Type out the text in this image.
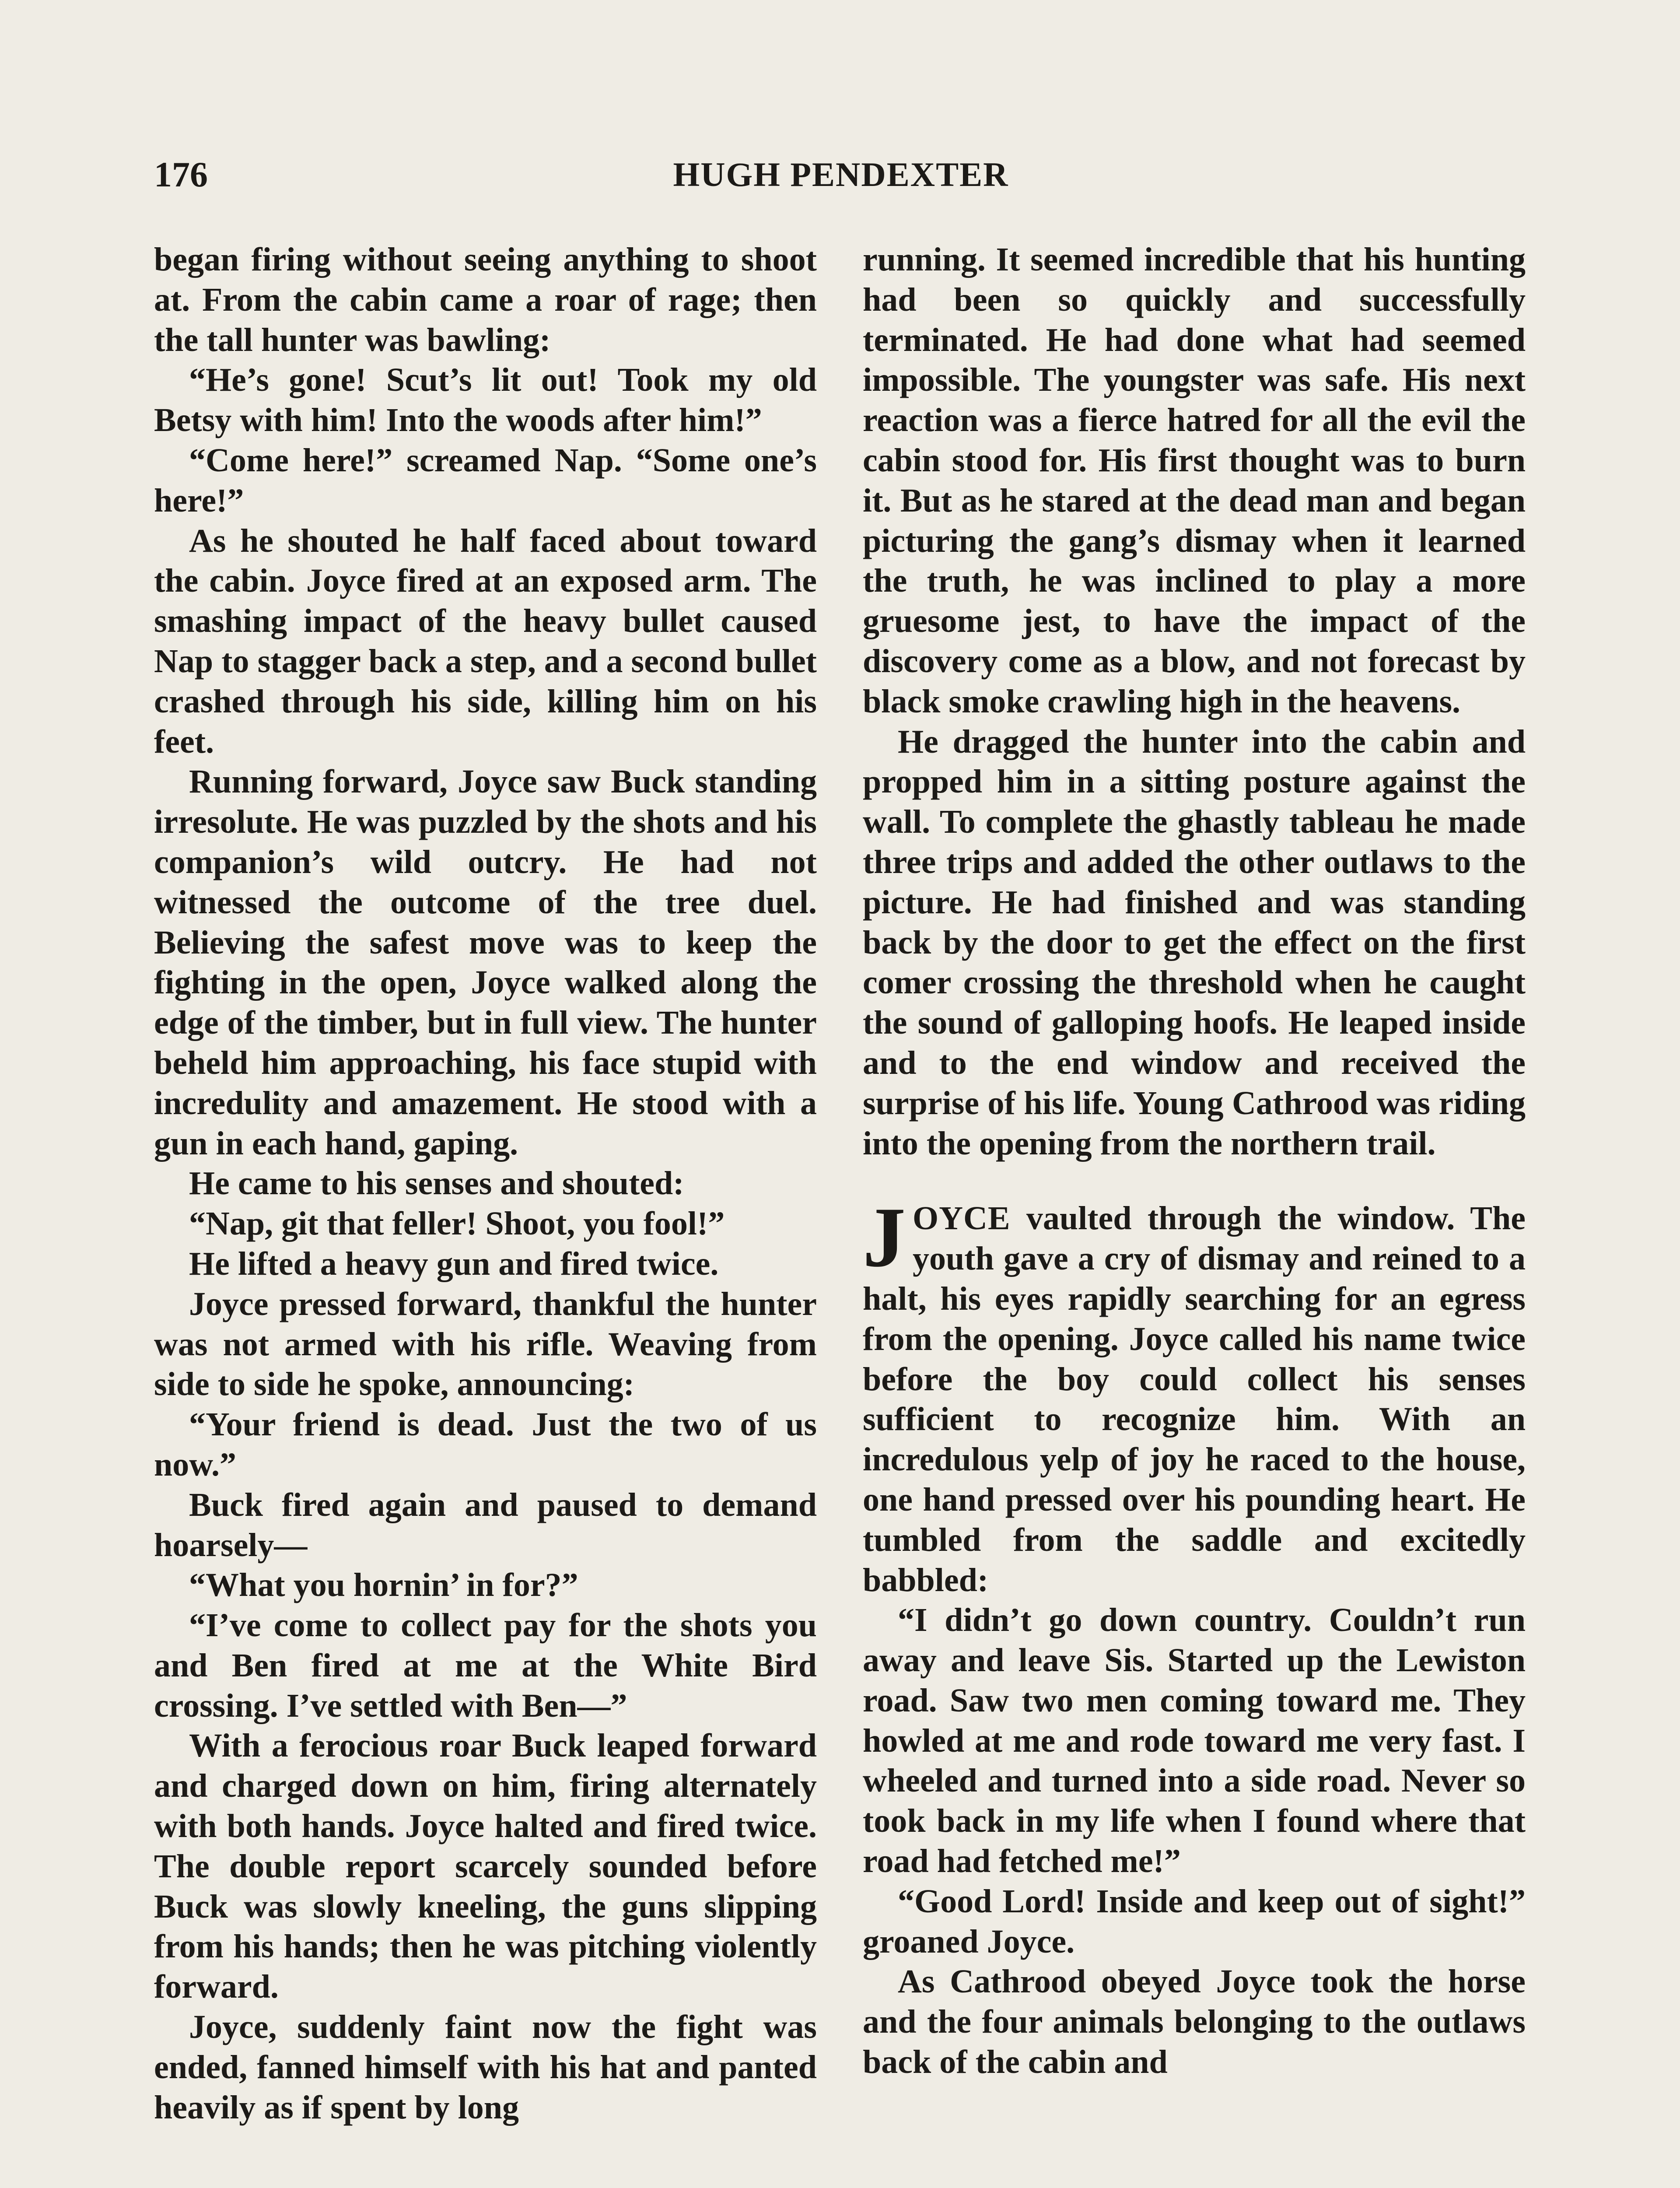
176	HUGH PENDEXTER

began firing without seeing anything to shoot at. From the cabin came a roar of rage; then the tall hunter was bawling:

“He’s gone! Scut’s lit out! Took my old Betsy with him! Into the woods after him!”

“Come here!” screamed Nap. “Some one’s here!”

As he shouted he half faced about toward the cabin. Joyce fired at an exposed arm. The smashing impact of the heavy bullet caused Nap to stagger back a step, and a second bullet crashed through his side, killing him on his feet.

Running forward, Joyce saw Buck standing irresolute. He was puzzled by the shots and his companion’s wild outcry. He had not witnessed the outcome of the tree duel. Believing the safest move was to keep the fighting in the open, Joyce walked along the edge of the timber, but in full view. The hunter beheld him approaching, his face stupid with incredulity and amazement. He stood with a gun in each hand, gaping.

He came to his senses and shouted:

“Nap, git that feller! Shoot, you fool!”

He lifted a heavy gun and fired twice.

Joyce pressed forward, thankful the hunter was not armed with his rifle. Weaving from side to side he spoke, announcing:

“Your friend is dead. Just the two of us now.”

Buck fired again and paused to demand hoarsely—

“What you hornin’ in for?”

“I’ve come to collect pay for the shots you and Ben fired at me at the White Bird crossing. I’ve settled with Ben—”

With a ferocious roar Buck leaped forward and charged down on him, firing alternately with both hands. Joyce halted and fired twice. The double report scarcely sounded before Buck was slowly kneeling, the guns slipping from his hands; then he was pitching violently forward.

Joyce, suddenly faint now the fight was ended, fanned himself with his hat and panted heavily as if spent by long

running. It seemed incredible that his hunting had been so quickly and successfully terminated. He had done what had seemed impossible. The youngster was safe. His next reaction was a fierce hatred for all the evil the cabin stood for. His first thought was to burn it. But as he stared at the dead man and began picturing the gang’s dismay when it learned the truth, he was inclined to play a more gruesome jest, to have the impact of the discovery come as a blow, and not forecast by black smoke crawling high in the heavens.

He dragged the hunter into the cabin and propped him in a sitting posture against the wall. To complete the ghastly tableau he made three trips and added the other outlaws to the picture. He had finished and was standing back by the door to get the effect on the first comer crossing the threshold when he caught the sound of galloping hoofs. He leaped inside and to the end window and received the surprise of his life. Young Cathrood was riding into the opening from the northern trail.

JOYCE vaulted through the window. The youth gave a cry of dismay and reined to a halt, his eyes rapidly searching for an egress from the opening. Joyce called his name twice before the boy could collect his senses sufficient to recognize him. With an incredulous yelp of joy he raced to the house, one hand pressed over his pounding heart. He tumbled from the saddle and excitedly babbled:

“I didn’t go down country. Couldn’t run away and leave Sis. Started up the Lewiston road. Saw two men coming toward me. They howled at me and rode toward me very fast. I wheeled and turned into a side road. Never so took back in my life when I found where that road had fetched me!”

“Good Lord! Inside and keep out of sight!” groaned Joyce.

As Cathrood obeyed Joyce took the horse and the four animals belonging to the outlaws back of the cabin and
